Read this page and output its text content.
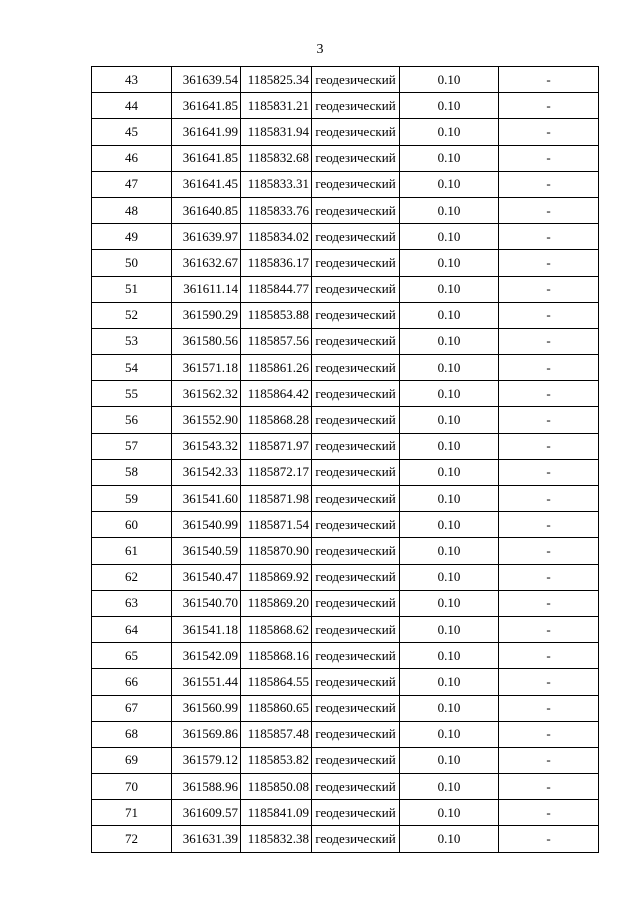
3
43	361639.54	1185825.34	геодезический	0.10	-
44	361641.85	1185831.21	геодезический	0.10	-
45	361641.99	1185831.94	геодезический	0.10	-
46	361641.85	1185832.68	геодезический	0.10	-
47	361641.45	1185833.31	геодезический	0.10	-
48	361640.85	1185833.76	геодезический	0.10	-
49	361639.97	1185834.02	геодезический	0.10	-
50	361632.67	1185836.17	геодезический	0.10	-
51	361611.14	1185844.77	геодезический	0.10	-
52	361590.29	1185853.88	геодезический	0.10	-
53	361580.56	1185857.56	геодезический	0.10	-
54	361571.18	1185861.26	геодезический	0.10	-
55	361562.32	1185864.42	геодезический	0.10	-
56	361552.90	1185868.28	геодезический	0.10	-
57	361543.32	1185871.97	геодезический	0.10	-
58	361542.33	1185872.17	геодезический	0.10	-
59	361541.60	1185871.98	геодезический	0.10	-
60	361540.99	1185871.54	геодезический	0.10	-
61	361540.59	1185870.90	геодезический	0.10	-
62	361540.47	1185869.92	геодезический	0.10	-
63	361540.70	1185869.20	геодезический	0.10	-
64	361541.18	1185868.62	геодезический	0.10	-
65	361542.09	1185868.16	геодезический	0.10	-
66	361551.44	1185864.55	геодезический	0.10	-
67	361560.99	1185860.65	геодезический	0.10	-
68	361569.86	1185857.48	геодезический	0.10	-
69	361579.12	1185853.82	геодезический	0.10	-
70	361588.96	1185850.08	геодезический	0.10	-
71	361609.57	1185841.09	геодезический	0.10	-
72	361631.39	1185832.38	геодезический	0.10	-
